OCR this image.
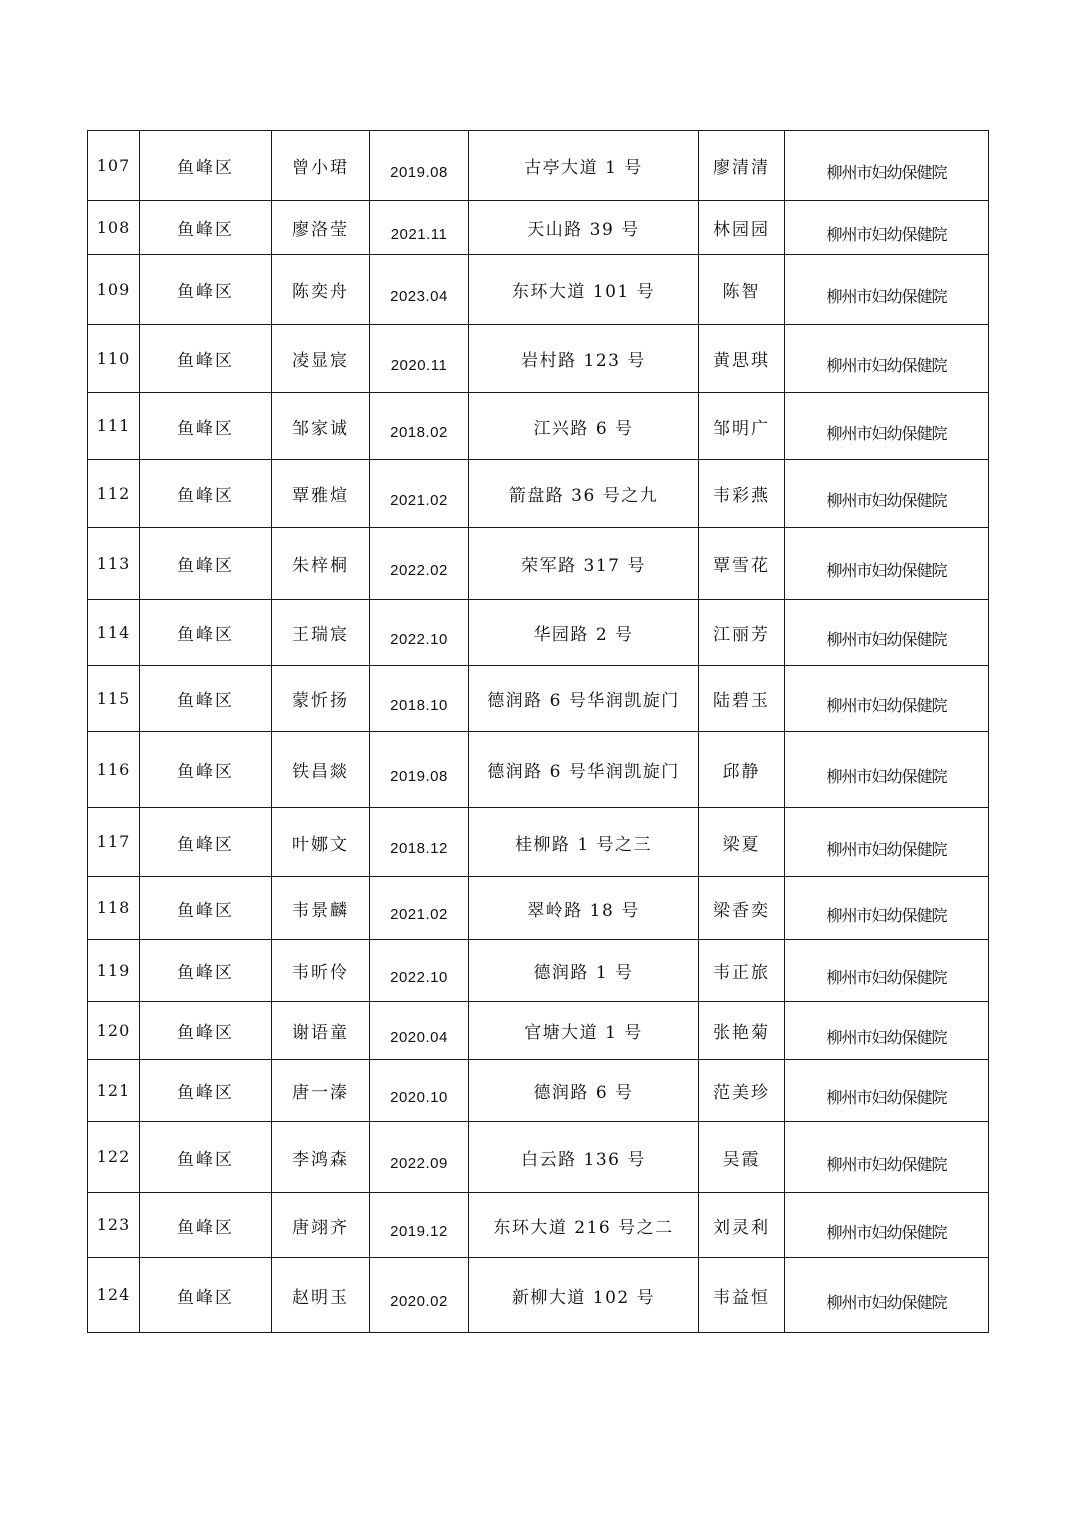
107	鱼峰区	曾小珺	2019.08	古亭大道 1 号	廖清清	柳州市妇幼保健院
108	鱼峰区	廖洛莹	2021.11	天山路 39 号	林园园	柳州市妇幼保健院
109	鱼峰区	陈奕舟	2023.04	东环大道 101 号	陈智	柳州市妇幼保健院
110	鱼峰区	凌显宸	2020.11	岩村路 123 号	黄思琪	柳州市妇幼保健院
111	鱼峰区	邹家诚	2018.02	江兴路 6 号	邹明广	柳州市妇幼保健院
112	鱼峰区	覃雅煊	2021.02	箭盘路 36 号之九	韦彩燕	柳州市妇幼保健院
113	鱼峰区	朱梓桐	2022.02	荣军路 317 号	覃雪花	柳州市妇幼保健院
114	鱼峰区	王瑞宸	2022.10	华园路 2 号	江丽芳	柳州市妇幼保健院
115	鱼峰区	蒙忻扬	2018.10	德润路 6 号华润凯旋门	陆碧玉	柳州市妇幼保健院
116	鱼峰区	铁昌燚	2019.08	德润路 6 号华润凯旋门	邱静	柳州市妇幼保健院
117	鱼峰区	叶娜文	2018.12	桂柳路 1 号之三	梁夏	柳州市妇幼保健院
118	鱼峰区	韦景麟	2021.02	翠岭路 18 号	梁香奕	柳州市妇幼保健院
119	鱼峰区	韦昕伶	2022.10	德润路 1 号	韦正旅	柳州市妇幼保健院
120	鱼峰区	谢语童	2020.04	官塘大道 1 号	张艳菊	柳州市妇幼保健院
121	鱼峰区	唐一溱	2020.10	德润路 6 号	范美珍	柳州市妇幼保健院
122	鱼峰区	李鸿森	2022.09	白云路 136 号	吴霞	柳州市妇幼保健院
123	鱼峰区	唐翊齐	2019.12	东环大道 216 号之二	刘灵利	柳州市妇幼保健院
124	鱼峰区	赵明玉	2020.02	新柳大道 102 号	韦益恒	柳州市妇幼保健院
